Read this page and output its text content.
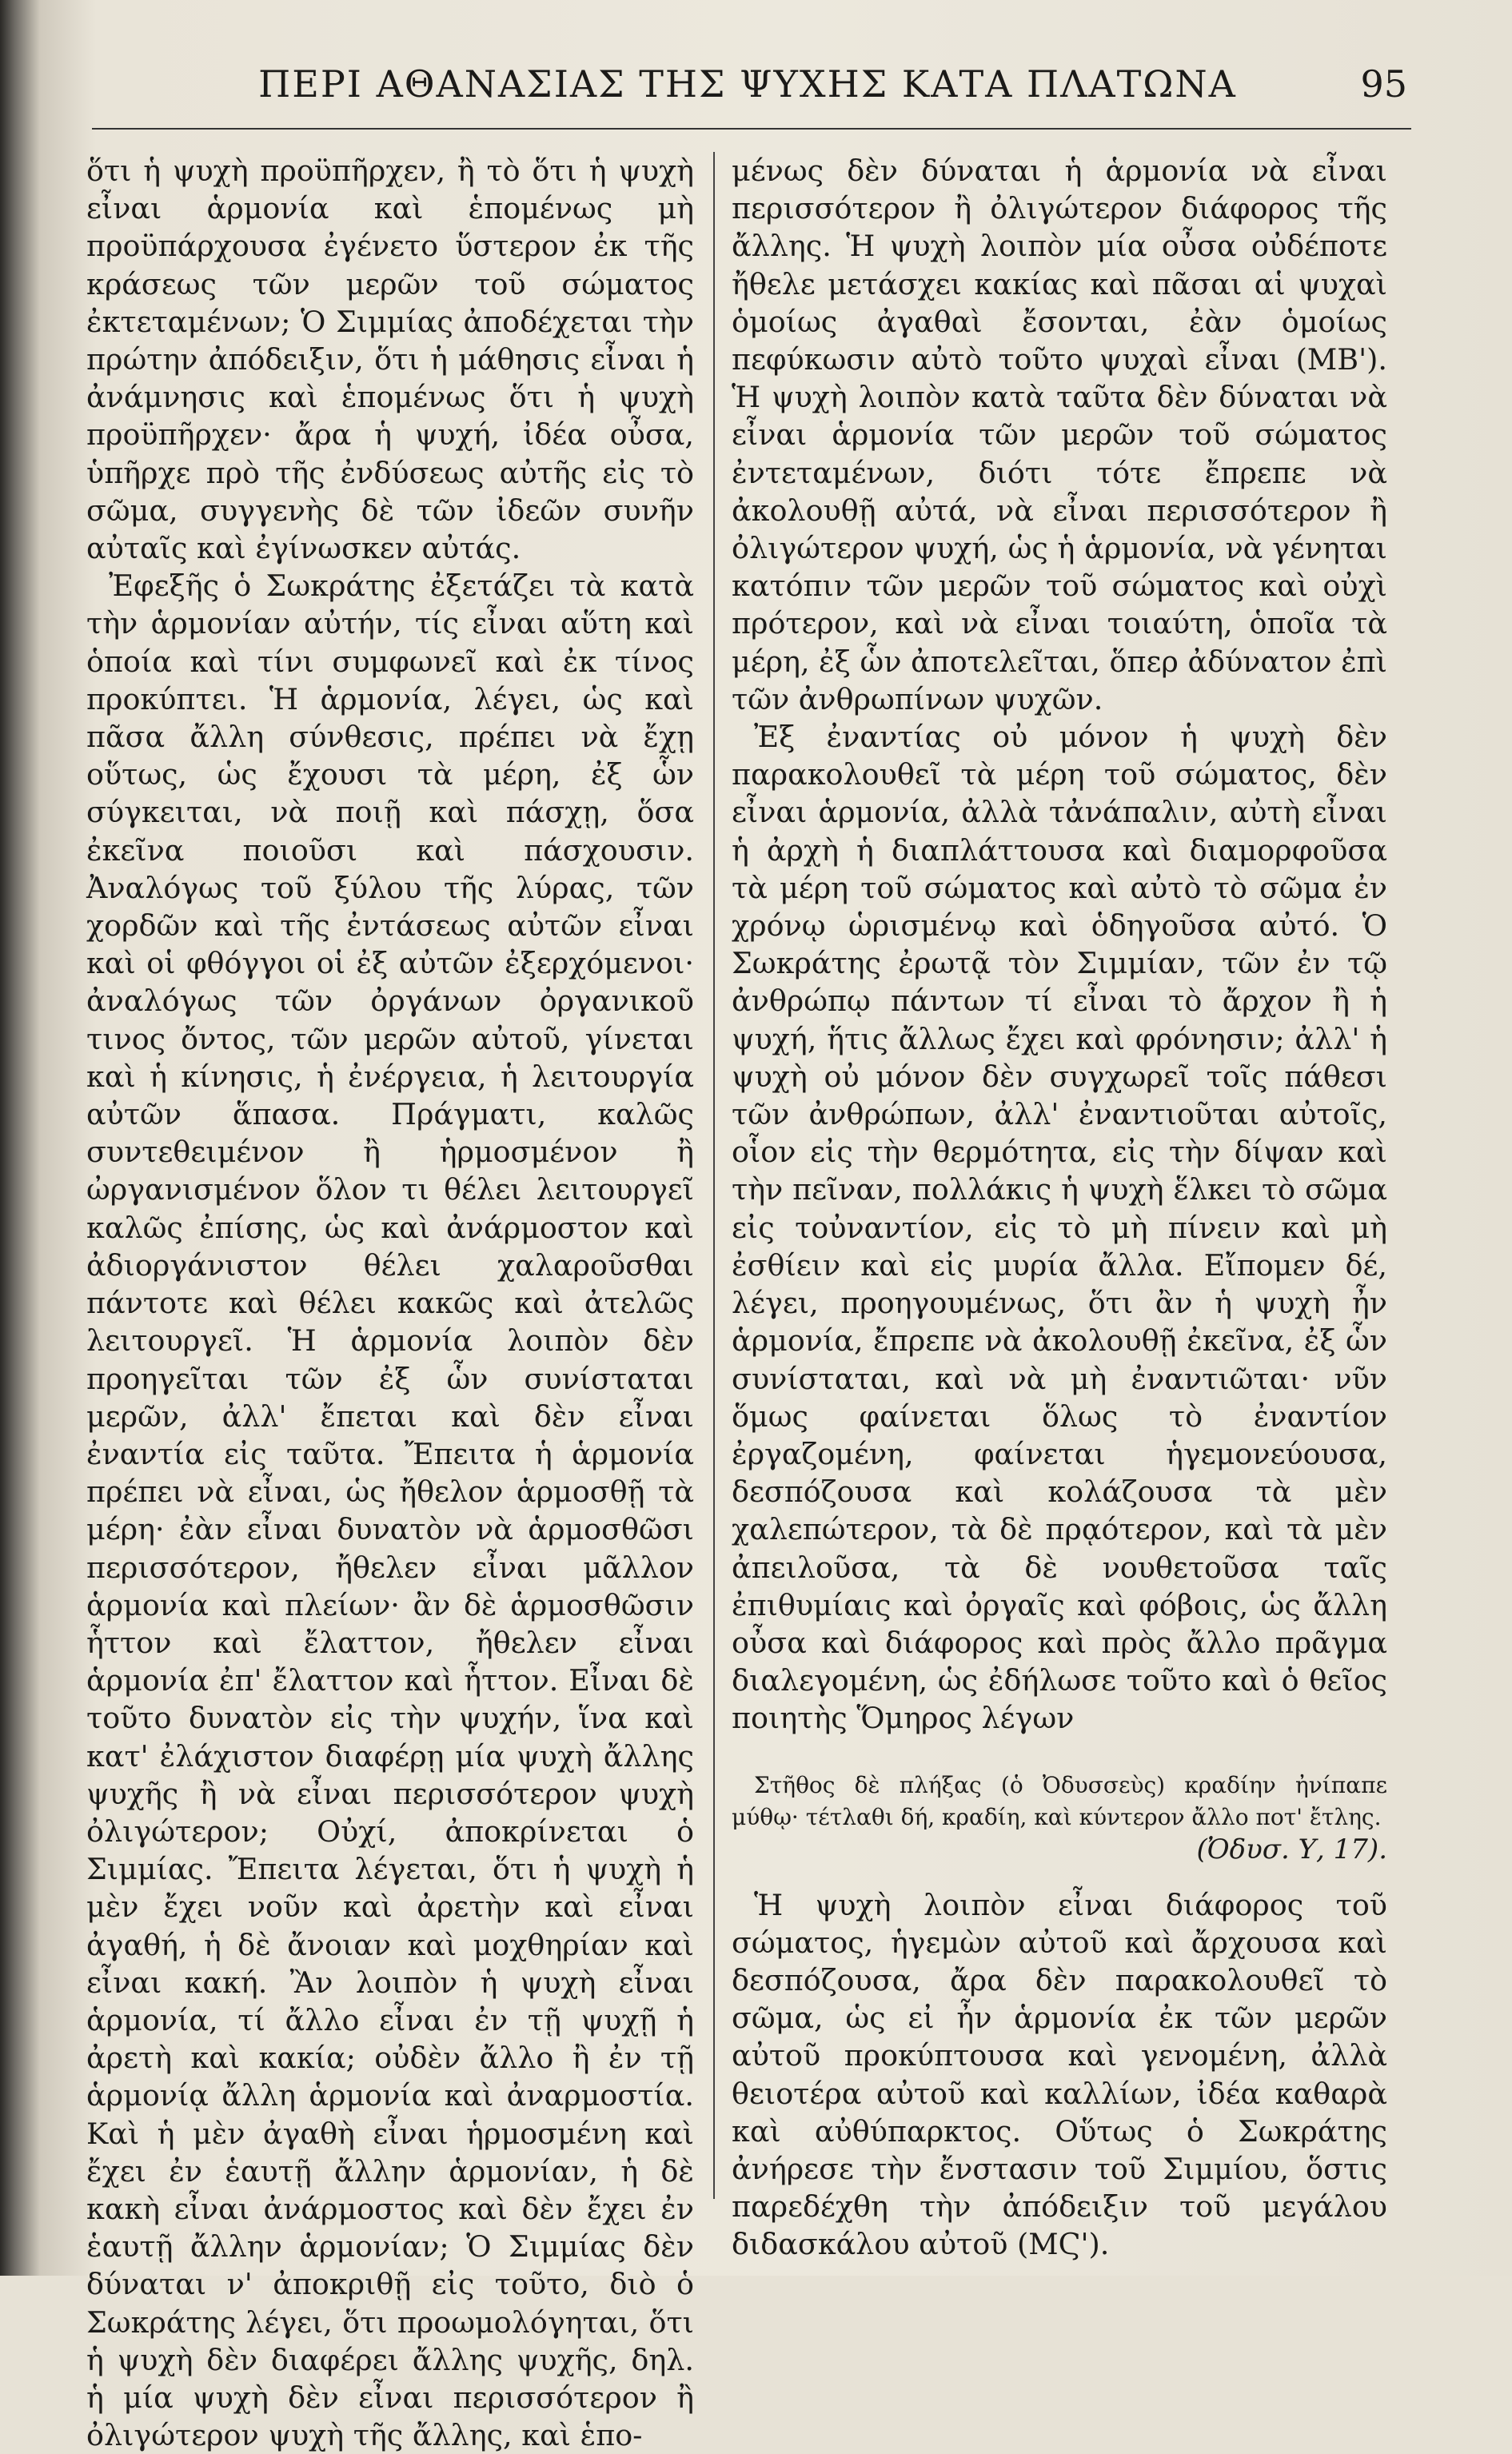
ΠΕΡΙ ΑΘΑΝΑΣΙΑΣ ΤΗΣ ΨΥΧΗΣ ΚΑΤΑ ΠΛΑΤΩΝΑ	95

ὅτι ἡ ψυχὴ προϋπῆρχεν, ἢ τὸ ὅτι ἡ ψυχὴ εἶναι ἁρμονία καὶ ἑπομένως μὴ προϋπάρχουσα ἐγένετο ὕστερον ἐκ τῆς κράσεως τῶν μερῶν τοῦ σώματος ἐκτεταμένων; Ὁ Σιμμίας ἀποδέχεται τὴν πρώτην ἀπόδειξιν, ὅτι ἡ μάθησις εἶναι ἡ ἀνάμνησις καὶ ἑπομένως ὅτι ἡ ψυχὴ προϋπῆρχεν· ἄρα ἡ ψυχή, ἰδέα οὖσα, ὑπῆρχε πρὸ τῆς ἐνδύσεως αὐτῆς εἰς τὸ σῶμα, συγγενὴς δὲ τῶν ἰδεῶν συνῆν αὐταῖς καὶ ἐγίνωσκεν αὐτάς.

Ἐφεξῆς ὁ Σωκράτης ἐξετάζει τὰ κατὰ τὴν ἁρμονίαν αὐτήν, τίς εἶναι αὕτη καὶ ὁποία καὶ τίνι συμφωνεῖ καὶ ἐκ τίνος προκύπτει. Ἡ ἁρμονία, λέγει, ὡς καὶ πᾶσα ἄλλη σύνθεσις, πρέπει νὰ ἔχῃ οὕτως, ὡς ἔχουσι τὰ μέρη, ἐξ ὧν σύγκειται, νὰ ποιῇ καὶ πάσχῃ, ὅσα ἐκεῖνα ποιοῦσι καὶ πάσχουσιν. Ἀναλόγως τοῦ ξύλου τῆς λύρας, τῶν χορδῶν καὶ τῆς ἐντάσεως αὐτῶν εἶναι καὶ οἱ φθόγγοι οἱ ἐξ αὐτῶν ἐξερχόμενοι· ἀναλόγως τῶν ὀργάνων ὀργανικοῦ τινος ὄντος, τῶν μερῶν αὐτοῦ, γίνεται καὶ ἡ κίνησις, ἡ ἐνέργεια, ἡ λειτουργία αὐτῶν ἅπασα. Πράγματι, καλῶς συντεθειμένον ἢ ἡρμοσμένον ἢ ὠργανισμένον ὅλον τι θέλει λειτουργεῖ καλῶς ἐπίσης, ὡς καὶ ἀνάρμοστον καὶ ἀδιοργάνιστον θέλει χαλαροῦσθαι πάντοτε καὶ θέλει κακῶς καὶ ἀτελῶς λειτουργεῖ. Ἡ ἁρμονία λοιπὸν δὲν προηγεῖται τῶν ἐξ ὧν συνίσταται μερῶν, ἀλλ' ἔπεται καὶ δὲν εἶναι ἐναντία εἰς ταῦτα. Ἔπειτα ἡ ἁρμονία πρέπει νὰ εἶναι, ὡς ἤθελον ἁρμοσθῇ τὰ μέρη· ἐὰν εἶναι δυνατὸν νὰ ἁρμοσθῶσι περισσότερον, ἤθελεν εἶναι μᾶλλον ἁρμονία καὶ πλείων· ἂν δὲ ἁρμοσθῶσιν ἧττον καὶ ἔλαττον, ἤθελεν εἶναι ἁρμονία ἐπ' ἔλαττον καὶ ἧττον. Εἶναι δὲ τοῦτο δυνατὸν εἰς τὴν ψυχήν, ἵνα καὶ κατ' ἐλάχιστον διαφέρῃ μία ψυχὴ ἄλλης ψυχῆς ἢ νὰ εἶναι περισσότερον ψυχὴ ὀλιγώτερον; Οὐχί, ἀποκρίνεται ὁ Σιμμίας. Ἔπειτα λέγεται, ὅτι ἡ ψυχὴ ἡ μὲν ἔχει νοῦν καὶ ἀρετὴν καὶ εἶναι ἀγαθή, ἡ δὲ ἄνοιαν καὶ μοχθηρίαν καὶ εἶναι κακή. Ἂν λοιπὸν ἡ ψυχὴ εἶναι ἁρμονία, τί ἄλλο εἶναι ἐν τῇ ψυχῇ ἡ ἀρετὴ καὶ κακία; οὐδὲν ἄλλο ἢ ἐν τῇ ἁρμονίᾳ ἄλλη ἁρμονία καὶ ἀναρμοστία. Καὶ ἡ μὲν ἀγαθὴ εἶναι ἡρμοσμένη καὶ ἔχει ἐν ἑαυτῇ ἄλλην ἁρμονίαν, ἡ δὲ κακὴ εἶναι ἀνάρμοστος καὶ δὲν ἔχει ἐν ἑαυτῇ ἄλλην ἁρμονίαν; Ὁ Σιμμίας δὲν δύναται ν' ἀποκριθῇ εἰς τοῦτο, διὸ ὁ Σωκράτης λέγει, ὅτι προωμολόγηται, ὅτι ἡ ψυχὴ δὲν διαφέρει ἄλλης ψυχῆς, δηλ. ἡ μία ψυχὴ δὲν εἶναι περισσότερον ἢ ὀλιγώτερον ψυχὴ τῆς ἄλλης, καὶ ἑπο-

μένως δὲν δύναται ἡ ἁρμονία νὰ εἶναι περισσότερον ἢ ὀλιγώτερον διάφορος τῆς ἄλλης. Ἡ ψυχὴ λοιπὸν μία οὖσα οὐδέποτε ἤθελε μετάσχει κακίας καὶ πᾶσαι αἱ ψυχαὶ ὁμοίως ἀγαθαὶ ἔσονται, ἐὰν ὁμοίως πεφύκωσιν αὐτὸ τοῦτο ψυχαὶ εἶναι (ΜΒ'). Ἡ ψυχὴ λοιπὸν κατὰ ταῦτα δὲν δύναται νὰ εἶναι ἁρμονία τῶν μερῶν τοῦ σώματος ἐντεταμένων, διότι τότε ἔπρεπε νὰ ἀκολουθῇ αὐτά, νὰ εἶναι περισσότερον ἢ ὀλιγώτερον ψυχή, ὡς ἡ ἁρμονία, νὰ γένηται κατόπιν τῶν μερῶν τοῦ σώματος καὶ οὐχὶ πρότερον, καὶ νὰ εἶναι τοιαύτη, ὁποῖα τὰ μέρη, ἐξ ὧν ἀποτελεῖται, ὅπερ ἀδύνατον ἐπὶ τῶν ἀνθρωπίνων ψυχῶν.

Ἐξ ἐναντίας οὐ μόνον ἡ ψυχὴ δὲν παρακολουθεῖ τὰ μέρη τοῦ σώματος, δὲν εἶναι ἁρμονία, ἀλλὰ τἀνάπαλιν, αὐτὴ εἶναι ἡ ἀρχὴ ἡ διαπλάττουσα καὶ διαμορφοῦσα τὰ μέρη τοῦ σώματος καὶ αὐτὸ τὸ σῶμα ἐν χρόνῳ ὡρισμένῳ καὶ ὁδηγοῦσα αὐτό. Ὁ Σωκράτης ἐρωτᾷ τὸν Σιμμίαν, τῶν ἐν τῷ ἀνθρώπῳ πάντων τί εἶναι τὸ ἄρχον ἢ ἡ ψυχή, ἥτις ἄλλως ἔχει καὶ φρόνησιν; ἀλλ' ἡ ψυχὴ οὐ μόνον δὲν συγχωρεῖ τοῖς πάθεσι τῶν ἀνθρώπων, ἀλλ' ἐναντιοῦται αὐτοῖς, οἷον εἰς τὴν θερμότητα, εἰς τὴν δίψαν καὶ τὴν πεῖναν, πολλάκις ἡ ψυχὴ ἕλκει τὸ σῶμα εἰς τοὐναντίον, εἰς τὸ μὴ πίνειν καὶ μὴ ἐσθίειν καὶ εἰς μυρία ἄλλα. Εἴπομεν δέ, λέγει, προηγουμένως, ὅτι ἂν ἡ ψυχὴ ἦν ἁρμονία, ἔπρεπε νὰ ἀκολουθῇ ἐκεῖνα, ἐξ ὧν συνίσταται, καὶ νὰ μὴ ἐναντιῶται· νῦν ὅμως φαίνεται ὅλως τὸ ἐναντίον ἐργαζομένη, φαίνεται ἡγεμονεύουσα, δεσπόζουσα καὶ κολάζουσα τὰ μὲν χαλεπώτερον, τὰ δὲ πρᾳότερον, καὶ τὰ μὲν ἀπειλοῦσα, τὰ δὲ νουθετοῦσα ταῖς ἐπιθυμίαις καὶ ὀργαῖς καὶ φόβοις, ὡς ἄλλη οὖσα καὶ διάφορος καὶ πρὸς ἄλλο πρᾶγμα διαλεγομένη, ὡς ἐδήλωσε τοῦτο καὶ ὁ θεῖος ποιητὴς Ὅμηρος λέγων

Στῆθος δὲ πλήξας (ὁ Ὀδυσσεὺς) κραδίην ἠνίπαπε μύθῳ· τέτλαθι δή, κραδίη, καὶ κύντερον ἄλλο ποτ' ἔτλης.

(Ὀδυσ. Υ, 17).

Ἡ ψυχὴ λοιπὸν εἶναι διάφορος τοῦ σώματος, ἡγεμὼν αὐτοῦ καὶ ἄρχουσα καὶ δεσπόζουσα, ἄρα δὲν παρακολουθεῖ τὸ σῶμα, ὡς εἰ ἦν ἁρμονία ἐκ τῶν μερῶν αὐτοῦ προκύπτουσα καὶ γενομένη, ἀλλὰ θειοτέρα αὐτοῦ καὶ καλλίων, ἰδέα καθαρὰ καὶ αὐθύπαρκτος. Οὕτως ὁ Σωκράτης ἀνήρεσε τὴν ἔνστασιν τοῦ Σιμμίου, ὅστις παρεδέχθη τὴν ἀπόδειξιν τοῦ μεγάλου διδασκάλου αὐτοῦ (ΜϚ').
